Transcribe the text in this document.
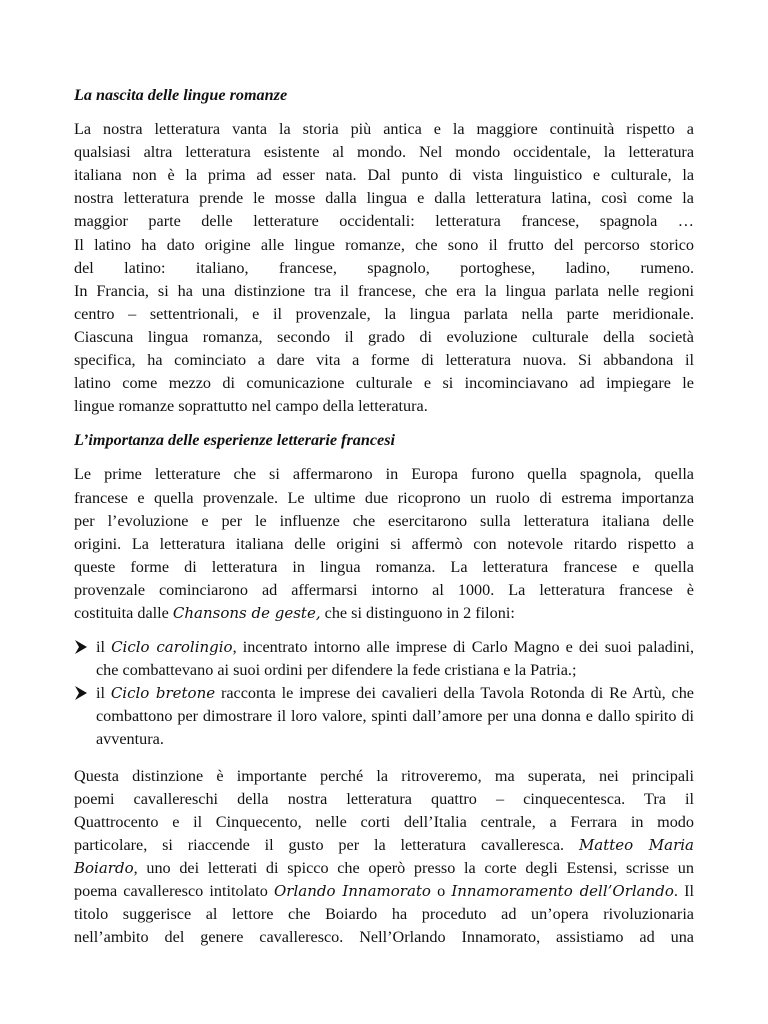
La nascita delle lingue romanze

La nostra letteratura vanta la storia più antica e la maggiore continuità rispetto a
qualsiasi altra letteratura esistente al mondo. Nel mondo occidentale, la letteratura
italiana non è la prima ad esser nata. Dal punto di vista linguistico e culturale, la
nostra letteratura prende le mosse dalla lingua e dalla letteratura latina, così come la
maggior parte delle letterature occidentali: letteratura francese, spagnola …
Il latino ha dato origine alle lingue romanze, che sono il frutto del percorso storico
del latino: italiano, francese, spagnolo, portoghese, ladino, rumeno.
In Francia, si ha una distinzione tra il francese, che era la lingua parlata nelle regioni
centro – settentrionali, e il provenzale, la lingua parlata nella parte meridionale.
Ciascuna lingua romanza, secondo il grado di evoluzione culturale della società
specifica, ha cominciato a dare vita a forme di letteratura nuova. Si abbandona il
latino come mezzo di comunicazione culturale e si incominciavano ad impiegare le
lingue romanze soprattutto nel campo della letteratura.

L’importanza delle esperienze letterarie francesi

Le prime letterature che si affermarono in Europa furono quella spagnola, quella
francese e quella provenzale. Le ultime due ricoprono un ruolo di estrema importanza
per l’evoluzione e per le influenze che esercitarono sulla letteratura italiana delle
origini. La letteratura italiana delle origini si affermò con notevole ritardo rispetto a
queste forme di letteratura in lingua romanza. La letteratura francese e quella
provenzale cominciarono ad affermarsi intorno al 1000. La letteratura francese è
costituita dalle Chansons de geste, che si distinguono in 2 filoni:

il Ciclo carolingio, incentrato intorno alle imprese di Carlo Magno e dei suoi paladini, che combattevano ai suoi ordini per difendere la fede cristiana e la Patria.;
il Ciclo bretone racconta le imprese dei cavalieri della Tavola Rotonda di Re Artù, che combattono per dimostrare il loro valore, spinti dall’amore per una donna e dallo spirito di avventura.

Questa distinzione è importante perché la ritroveremo, ma superata, nei principali
poemi cavallereschi della nostra letteratura quattro – cinquecentesca. Tra il
Quattrocento e il Cinquecento, nelle corti dell’Italia centrale, a Ferrara in modo
particolare, si riaccende il gusto per la letteratura cavalleresca. Matteo Maria
Boiardo, uno dei letterati di spicco che operò presso la corte degli Estensi, scrisse un
poema cavalleresco intitolato Orlando Innamorato o Innamoramento dell’Orlando. Il
titolo suggerisce al lettore che Boiardo ha proceduto ad un’opera rivoluzionaria
nell’ambito del genere cavalleresco. Nell’Orlando Innamorato, assistiamo ad una
